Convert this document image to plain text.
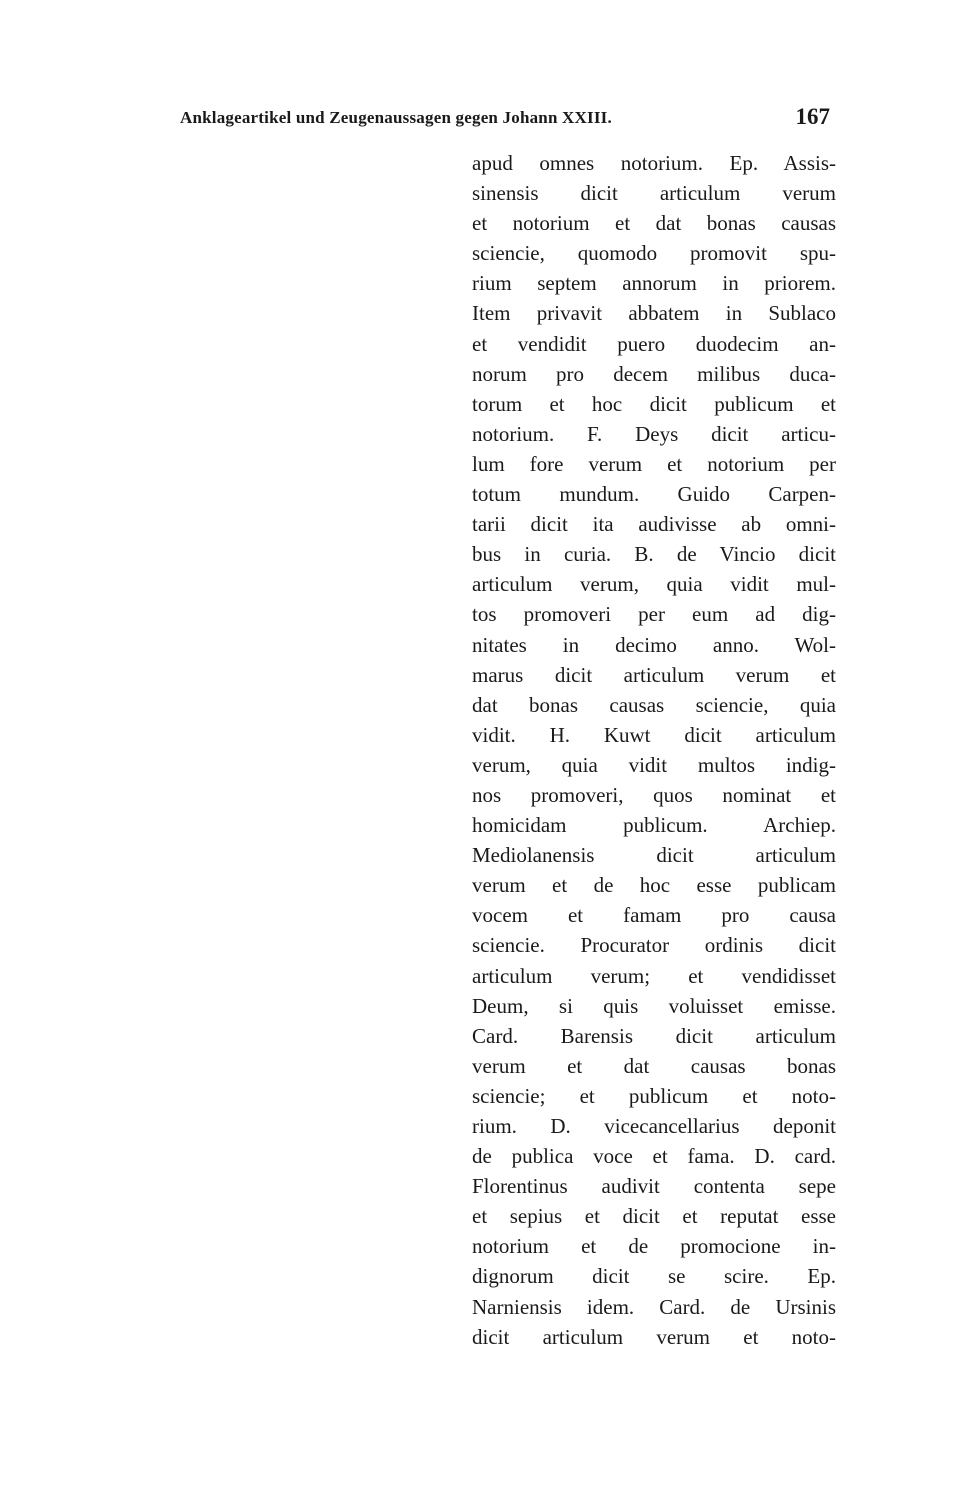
Anklageartikel und Zeugenaussagen gegen Johann XXIII.	167
apud omnes notorium. Ep. Assis-
sinensis dicit articulum verum
et notorium et dat bonas causas
sciencie, quomodo promovit spu-
rium septem annorum in priorem.
Item privavit abbatem in Sublaco
et vendidit puero duodecim an-
norum pro decem milibus duca-
torum et hoc dicit publicum et
notorium. F. Deys dicit articu-
lum fore verum et notorium per
totum mundum. Guido Carpen-
tarii dicit ita audivisse ab omni-
bus in curia. B. de Vincio dicit
articulum verum, quia vidit mul-
tos promoveri per eum ad dig-
nitates in decimo anno. Wol-
marus dicit articulum verum et
dat bonas causas sciencie, quia
vidit. H. Kuwt dicit articulum
verum, quia vidit multos indig-
nos promoveri, quos nominat et
homicidam publicum. Archiep.
Mediolanensis dicit articulum
verum et de hoc esse publicam
vocem et famam pro causa
sciencie. Procurator ordinis dicit
articulum verum; et vendidisset
Deum, si quis voluisset emisse.
Card. Barensis dicit articulum
verum et dat causas bonas
sciencie; et publicum et noto-
rium. D. vicecancellarius deponit
de publica voce et fama. D. card.
Florentinus audivit contenta sepe
et sepius et dicit et reputat esse
notorium et de promocione in-
dignorum dicit se scire. Ep.
Narniensis idem. Card. de Ursinis
dicit articulum verum et noto-
